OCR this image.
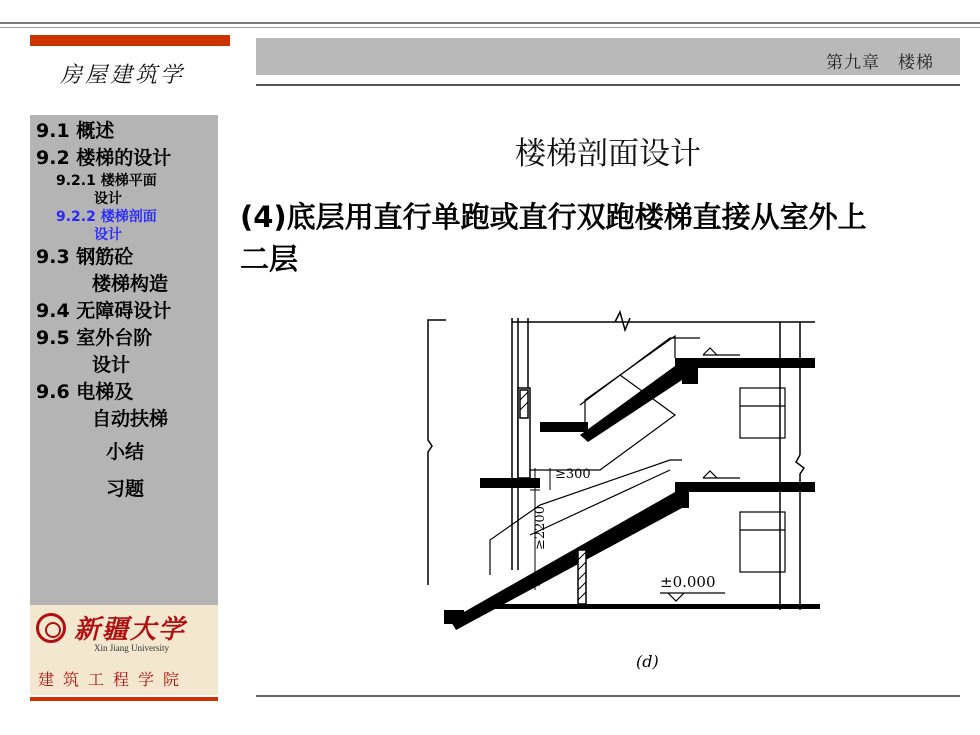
第九章　楼梯
房屋建筑学
9.1 概述
9.2 楼梯的设计
9.2.1 楼梯平面
设计
9.2.2 楼梯剖面
设计
9.3 钢筋砼
楼梯构造
9.4 无障碍设计
9.5 室外台阶
设计
9.6 电梯及
自动扶梯
小结
习题
新疆大学
Xin Jiang University
建筑工程学院
楼梯剖面设计
(4)底层用直行单跑或直行双跑楼梯直接从室外上
二层
≥300
≥2200
±0.000
(d)
